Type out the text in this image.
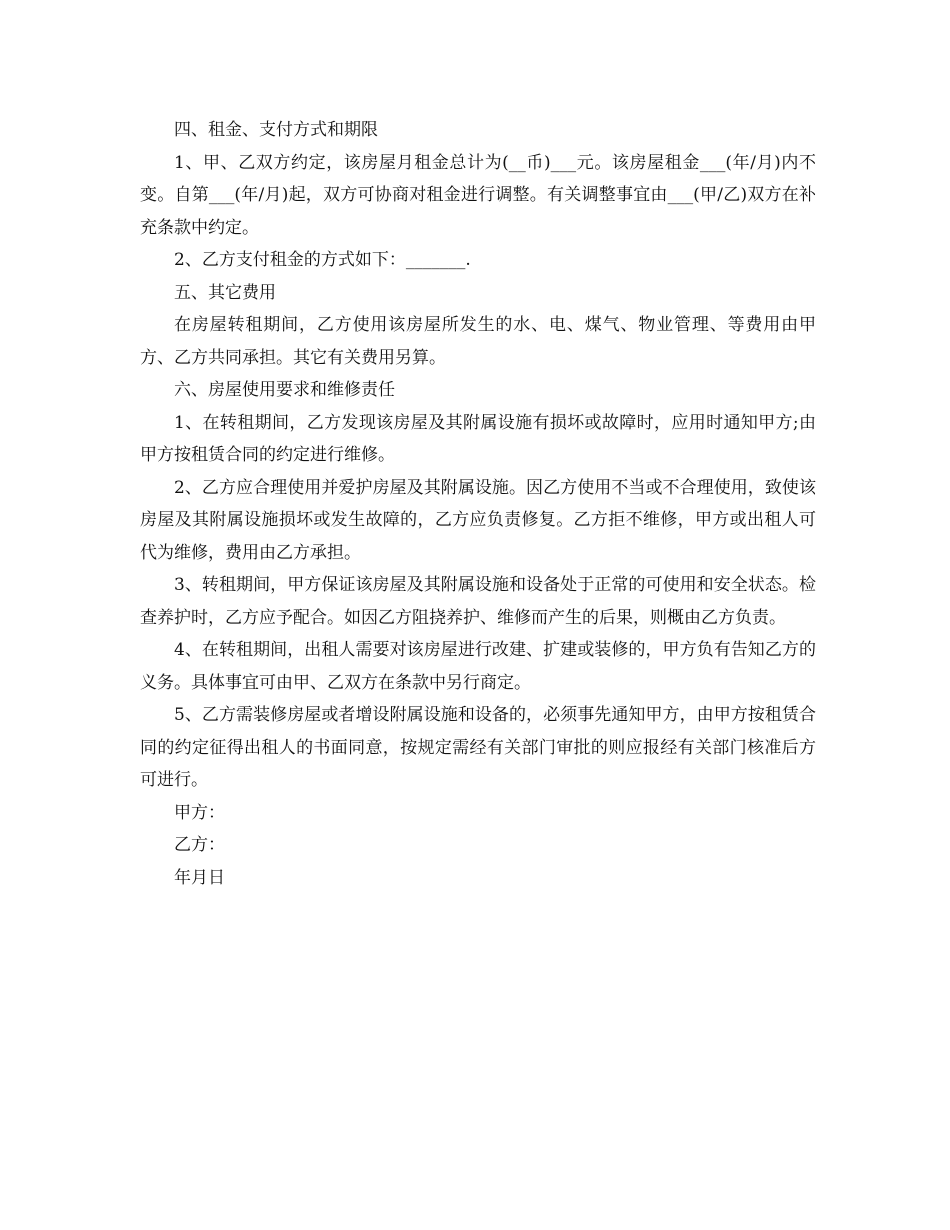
四、租金、支付方式和期限

1、甲、乙双方约定，该房屋月租金总计为(__币)___元。该房屋租金___(年/月)内不变。自第___(年/月)起，双方可协商对租金进行调整。有关调整事宜由___(甲/乙)双方在补充条款中约定。

2、乙方支付租金的方式如下：_______.

五、其它费用

在房屋转租期间，乙方使用该房屋所发生的水、电、煤气、物业管理、等费用由甲方、乙方共同承担。其它有关费用另算。

六、房屋使用要求和维修责任

1、在转租期间，乙方发现该房屋及其附属设施有损坏或故障时，应用时通知甲方;由甲方按租赁合同的约定进行维修。

2、乙方应合理使用并爱护房屋及其附属设施。因乙方使用不当或不合理使用，致使该房屋及其附属设施损坏或发生故障的，乙方应负责修复。乙方拒不维修，甲方或出租人可代为维修，费用由乙方承担。

3、转租期间，甲方保证该房屋及其附属设施和设备处于正常的可使用和安全状态。检查养护时，乙方应予配合。如因乙方阻挠养护、维修而产生的后果，则概由乙方负责。

4、在转租期间，出租人需要对该房屋进行改建、扩建或装修的，甲方负有告知乙方的义务。具体事宜可由甲、乙双方在条款中另行商定。

5、乙方需装修房屋或者增设附属设施和设备的，必须事先通知甲方，由甲方按租赁合同的约定征得出租人的书面同意，按规定需经有关部门审批的则应报经有关部门核准后方可进行。

甲方：

乙方：

年月日
